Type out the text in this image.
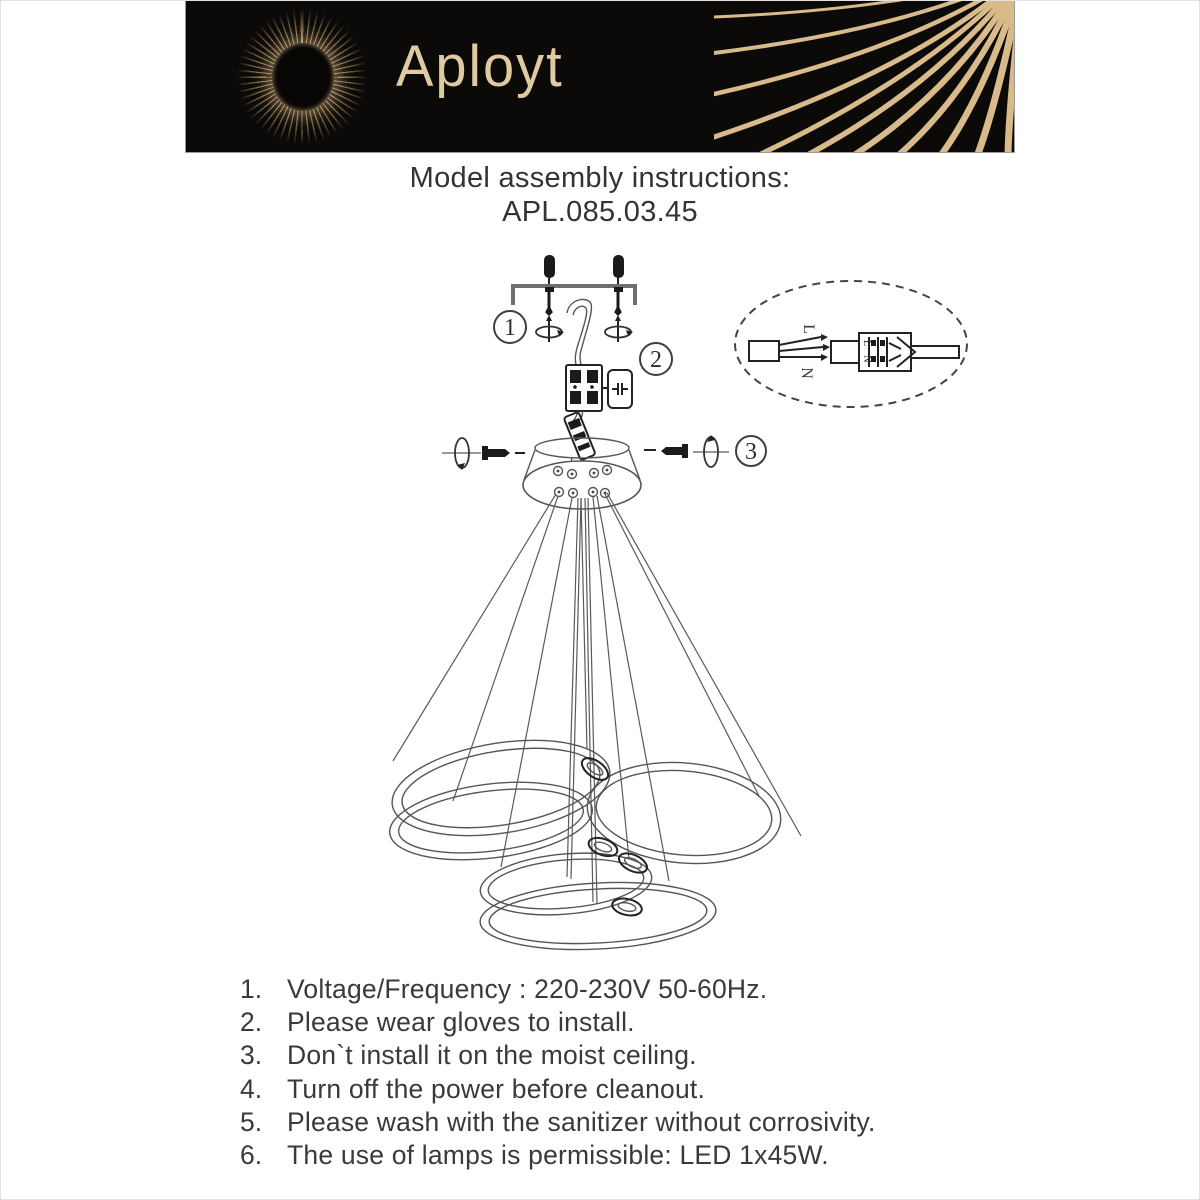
Aployt
Model assembly instructions:
APL.085.03.45
1
2
L
N
L
N
3
1. Voltage/Frequency : 220-230V 50-60Hz.
2. Please wear gloves to install.
3. Don`t install it on the moist ceiling.
4. Turn off the power before cleanout.
5. Please wash with the sanitizer without corrosivity.
6. The use of lamps is permissible: LED 1x45W.
